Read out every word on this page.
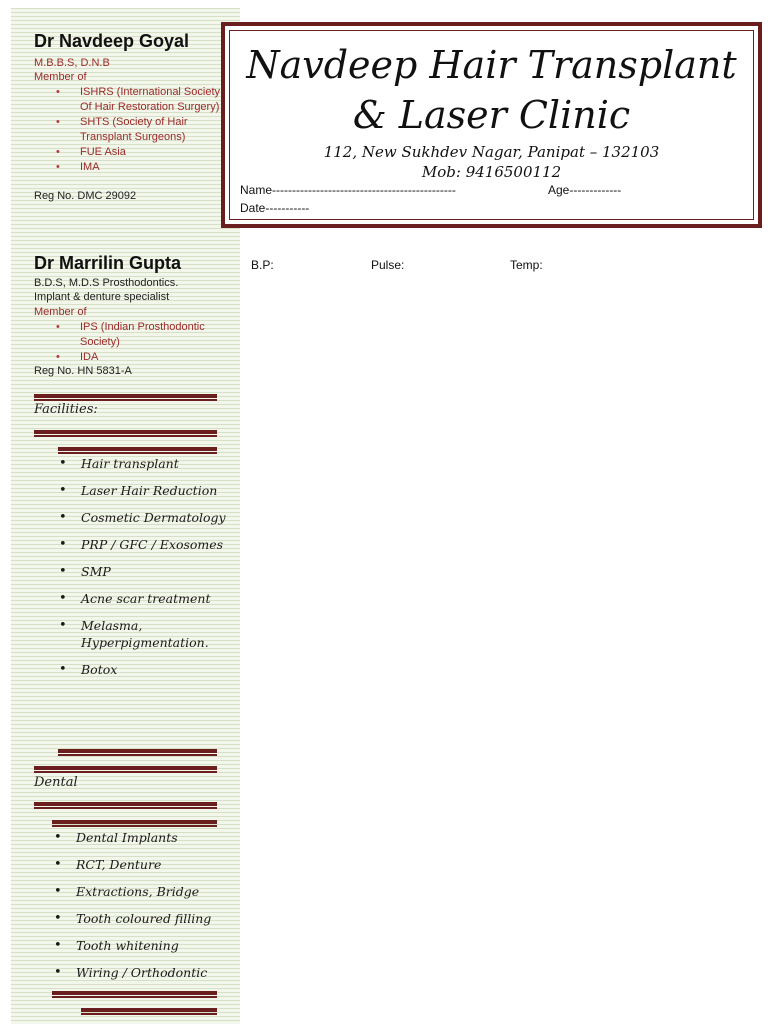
Dr Navdeep Goyal
M.B.B.S, D.N.B
Member of
• ISHRS (International Society Of Hair Restoration Surgery)
• SHTS (Society of Hair Transplant Surgeons)
• FUE Asia
• IMA
Reg No. DMC 29092
Dr Marrilin Gupta
B.D.S, M.D.S Prosthodontics.
Implant & denture specialist
Member of
• IPS (Indian Prosthodontic Society)
• IDA
Reg No. HN 5831-A
Facilities:
• Hair transplant
• Laser Hair Reduction
• Cosmetic Dermatology
• PRP / GFC / Exosomes
• SMP
• Acne scar treatment
• Melasma, Hyperpigmentation.
• Botox
Dental
• Dental Implants
• RCT, Denture
• Extractions, Bridge
• Tooth coloured filling
• Tooth whitening
• Wiring / Orthodontic
Navdeep Hair Transplant
& Laser Clinic
112, New Sukhdev Nagar, Panipat – 132103
Mob: 9416500112
Name----------------------------------------------	Age-------------
Date-----------
B.P:	Pulse:	Temp:
